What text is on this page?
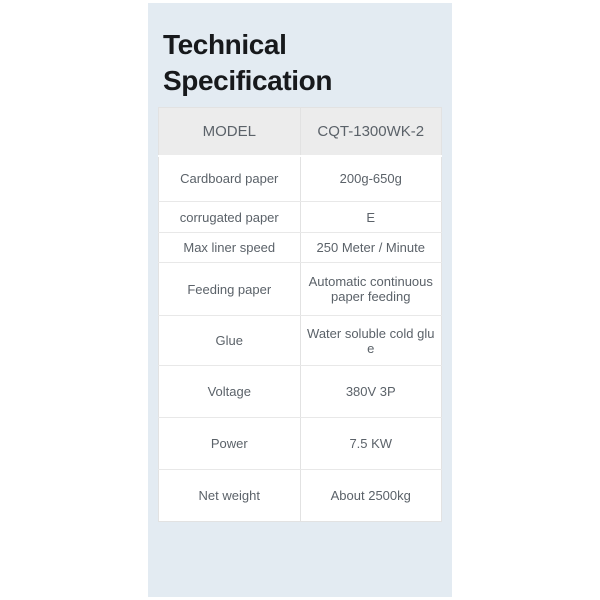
Technical Specification
MODEL	CQT-1300WK-2
Cardboard paper	200g-650g
corrugated paper	E
Max liner speed	250 Meter / Minute
Feeding paper	Automatic continuous paper feeding
Glue	Water soluble cold glue
Voltage	380V 3P
Power	7.5 KW
Net weight	About 2500kg
